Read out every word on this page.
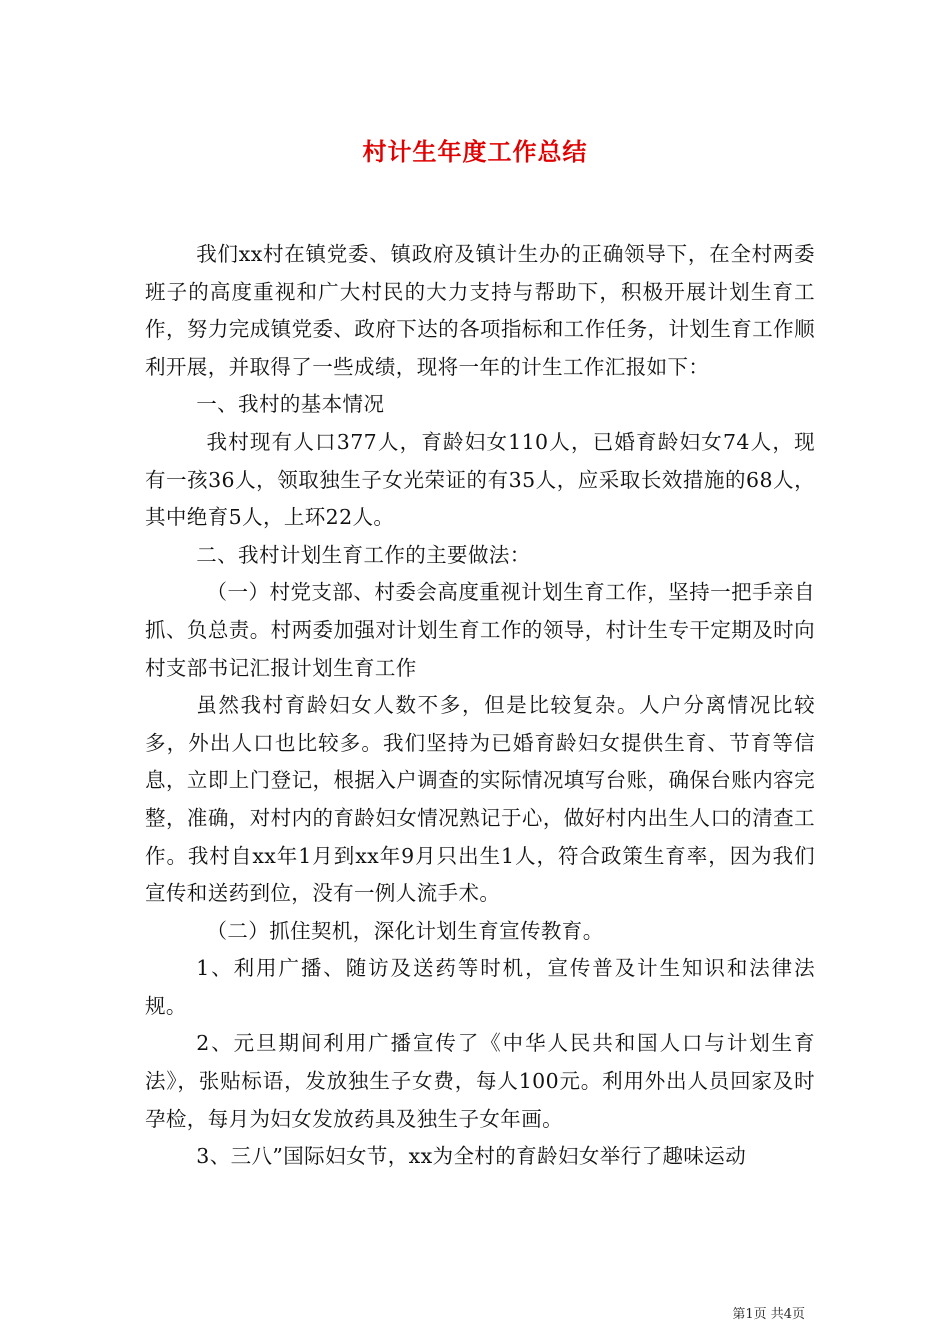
村计生年度工作总结

我们xx村在镇党委、镇政府及镇计生办的正确领导下，在全村两委班子的高度重视和广大村民的大力支持与帮助下，积极开展计划生育工作，努力完成镇党委、政府下达的各项指标和工作任务，计划生育工作顺利开展，并取得了一些成绩，现将一年的计生工作汇报如下：

一、我村的基本情况

我村现有人口377人，育龄妇女110人，已婚育龄妇女74人，现有一孩36人，领取独生子女光荣证的有35人，应采取长效措施的68人，其中绝育5人，上环22人。

二、我村计划生育工作的主要做法：

（一）村党支部、村委会高度重视计划生育工作，坚持一把手亲自抓、负总责。村两委加强对计划生育工作的领导，村计生专干定期及时向村支部书记汇报计划生育工作

虽然我村育龄妇女人数不多，但是比较复杂。人户分离情况比较多，外出人口也比较多。我们坚持为已婚育龄妇女提供生育、节育等信息，立即上门登记，根据入户调查的实际情况填写台账，确保台账内容完整，准确，对村内的育龄妇女情况熟记于心，做好村内出生人口的清查工作。我村自xx年1月到xx年9月只出生1人，符合政策生育率，因为我们宣传和送药到位，没有一例人流手术。

（二）抓住契机，深化计划生育宣传教育。

1、利用广播、随访及送药等时机，宣传普及计生知识和法律法规。

2、元旦期间利用广播宣传了《中华人民共和国人口与计划生育法》，张贴标语，发放独生子女费，每人100元。利用外出人员回家及时孕检，每月为妇女发放药具及独生子女年画。

3、三八”国际妇女节，xx为全村的育龄妇女举行了趣味运动

第1页 共4页
